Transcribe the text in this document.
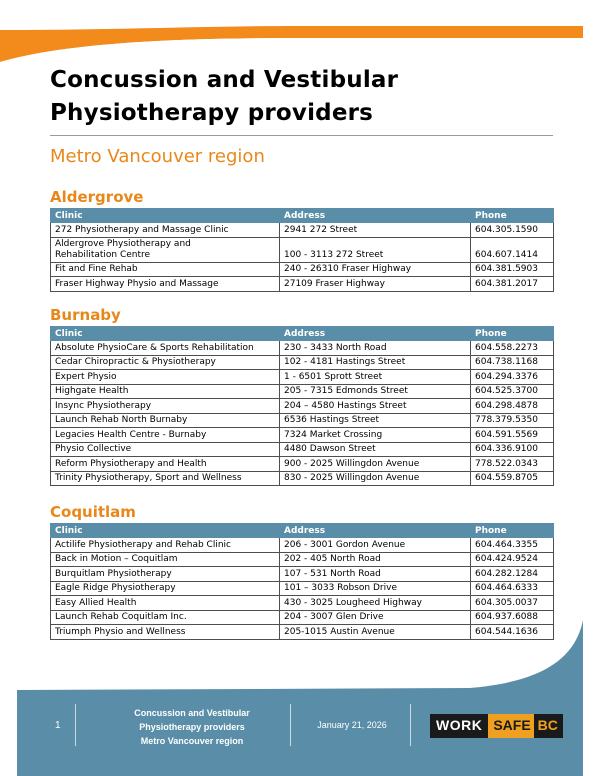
Concussion and Vestibular Physiotherapy providers
Metro Vancouver region
Aldergrove
Clinic	Address	Phone
272 Physiotherapy and Massage Clinic	2941 272 Street	604.305.1590
Aldergrove Physiotherapy and
Rehabilitation Centre	100 - 3113 272 Street	604.607.1414
Fit and Fine Rehab	240 - 26310 Fraser Highway	604.381.5903
Fraser Highway Physio and Massage	27109 Fraser Highway	604.381.2017
Burnaby
Clinic	Address	Phone
Absolute PhysioCare & Sports Rehabilitation	230 - 3433 North Road	604.558.2273
Cedar Chiropractic & Physiotherapy	102 - 4181 Hastings Street	604.738.1168
Expert Physio	1 - 6501 Sprott Street	604.294.3376
Highgate Health	205 - 7315 Edmonds Street	604.525.3700
Insync Physiotherapy	204 – 4580 Hastings Street	604.298.4878
Launch Rehab North Burnaby	6536 Hastings Street	778.379.5350
Legacies Health Centre - Burnaby	7324 Market Crossing	604.591.5569
Physio Collective	4480 Dawson Street	604.336.9100
Reform Physiotherapy and Health	900 - 2025 Willingdon Avenue	778.522.0343
Trinity Physiotherapy, Sport and Wellness	830 - 2025 Willingdon Avenue	604.559.8705
Coquitlam
Clinic	Address	Phone
Actilife Physiotherapy and Rehab Clinic	206 - 3001 Gordon Avenue	604.464.3355
Back in Motion – Coquitlam	202 - 405 North Road	604.424.9524
Burquitlam Physiotherapy	107 - 531 North Road	604.282.1284
Eagle Ridge Physiotherapy	101 – 3033 Robson Drive	604.464.6333
Easy Allied Health	430 - 3025 Lougheed Highway	604.305.0037
Launch Rehab Coquitlam Inc.	204 - 3007 Glen Drive	604.937.6088
Triumph Physio and Wellness	205-1015 Austin Avenue	604.544.1636
1
Concussion and Vestibular
Physiotherapy providers
Metro Vancouver region
January 21, 2026	WORK SAFE BC
